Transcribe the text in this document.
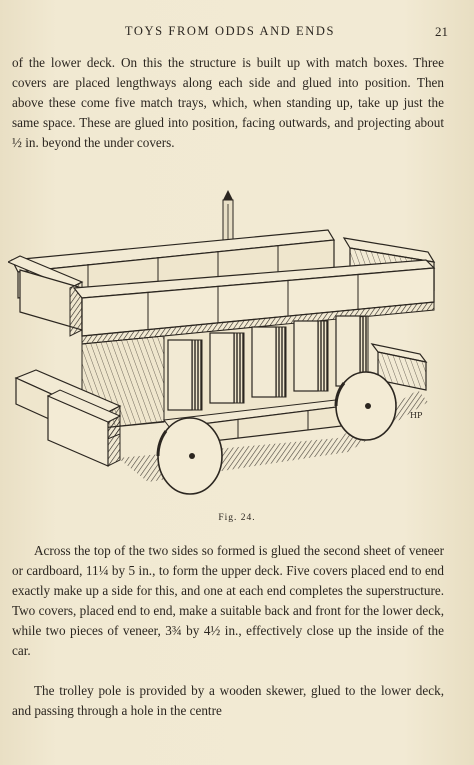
TOYS FROM ODDS AND ENDS	21

of the lower deck. On this the structure is built up with match boxes. Three covers are placed lengthways along each side and glued into position. Then above these come five match trays, which, when standing up, take up just the same space. These are glued into position, facing outwards, and projecting about ½ in. beyond the under covers.

HP
Fig. 24.

Across the top of the two sides so formed is glued the second sheet of veneer or cardboard, 11¼ by 5 in., to form the upper deck. Five covers placed end to end exactly make up a side for this, and one at each end completes the superstructure. Two covers, placed end to end, make a suitable back and front for the lower deck, while two pieces of veneer, 3¾ by 4½ in., effectively close up the inside of the car.

The trolley pole is provided by a wooden skewer, glued to the lower deck, and passing through a hole in the centre
